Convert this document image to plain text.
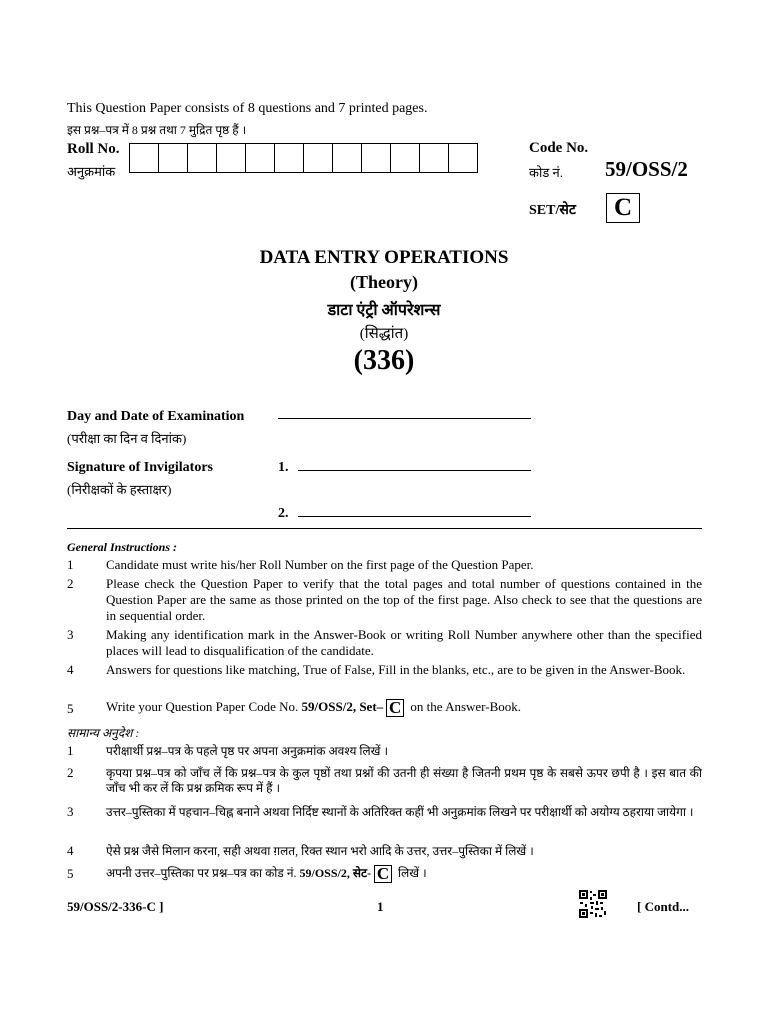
This Question Paper consists of 8 questions and 7 printed pages.
इस प्रश्न–पत्र में 8 प्रश्न तथा 7 मुद्रित पृष्ठ हैं ।
Roll No.
अनुक्रमांक
Code No.
कोड नं. 59/OSS/2
SET/सेट	C
DATA ENTRY OPERATIONS
(Theory)
डाटा एंट्री ऑपरेशन्स
(सिद्धांत)
(336)
Day and Date of Examination
(परीक्षा का दिन व दिनांक)
Signature of Invigilators
(निरीक्षकों के हस्ताक्षर)
1.
2.
General Instructions :
1	Candidate must write his/her Roll Number on the first page of the Question Paper.
2	Please check the Question Paper to verify that the total pages and total number of questions contained in the Question Paper are the same as those printed on the top of the first page. Also check to see that the questions are in sequential order.
3	Making any identification mark in the Answer-Book or writing Roll Number anywhere other than the specified places will lead to disqualification of the candidate.
4	Answers for questions like matching, True of False, Fill in the blanks, etc., are to be given in the Answer-Book.
5	Write your Question Paper Code No. 59/OSS/2, Set– C on the Answer-Book.
सामान्य अनुदेश :
1	परीक्षार्थी प्रश्न–पत्र के पहले पृष्ठ पर अपना अनुक्रमांक अवश्य लिखें ।
2	कृपया प्रश्न–पत्र को जाँच लें कि प्रश्न–पत्र के कुल पृष्ठों तथा प्रश्नों की उतनी ही संख्या है जितनी प्रथम पृष्ठ के सबसे ऊपर छपी है । इस बात की जाँच भी कर लें कि प्रश्न क्रमिक रूप में हैं ।
3	उत्तर–पुस्तिका में पहचान–चिह्न बनाने अथवा निर्दिष्ट स्थानों के अतिरिक्त कहीं भी अनुक्रमांक लिखने पर परीक्षार्थी को अयोग्य ठहराया जायेगा ।
4	ऐसे प्रश्न जैसे मिलान करना, सही अथवा ग़लत, रिक्त स्थान भरो आदि के उत्तर, उत्तर–पुस्तिका में लिखें ।
5	अपनी उत्तर–पुस्तिका पर प्रश्न–पत्र का कोड नं. 59/OSS/2, सेट- C लिखें ।
59/OSS/2-336-C ]	1	[ Contd...
